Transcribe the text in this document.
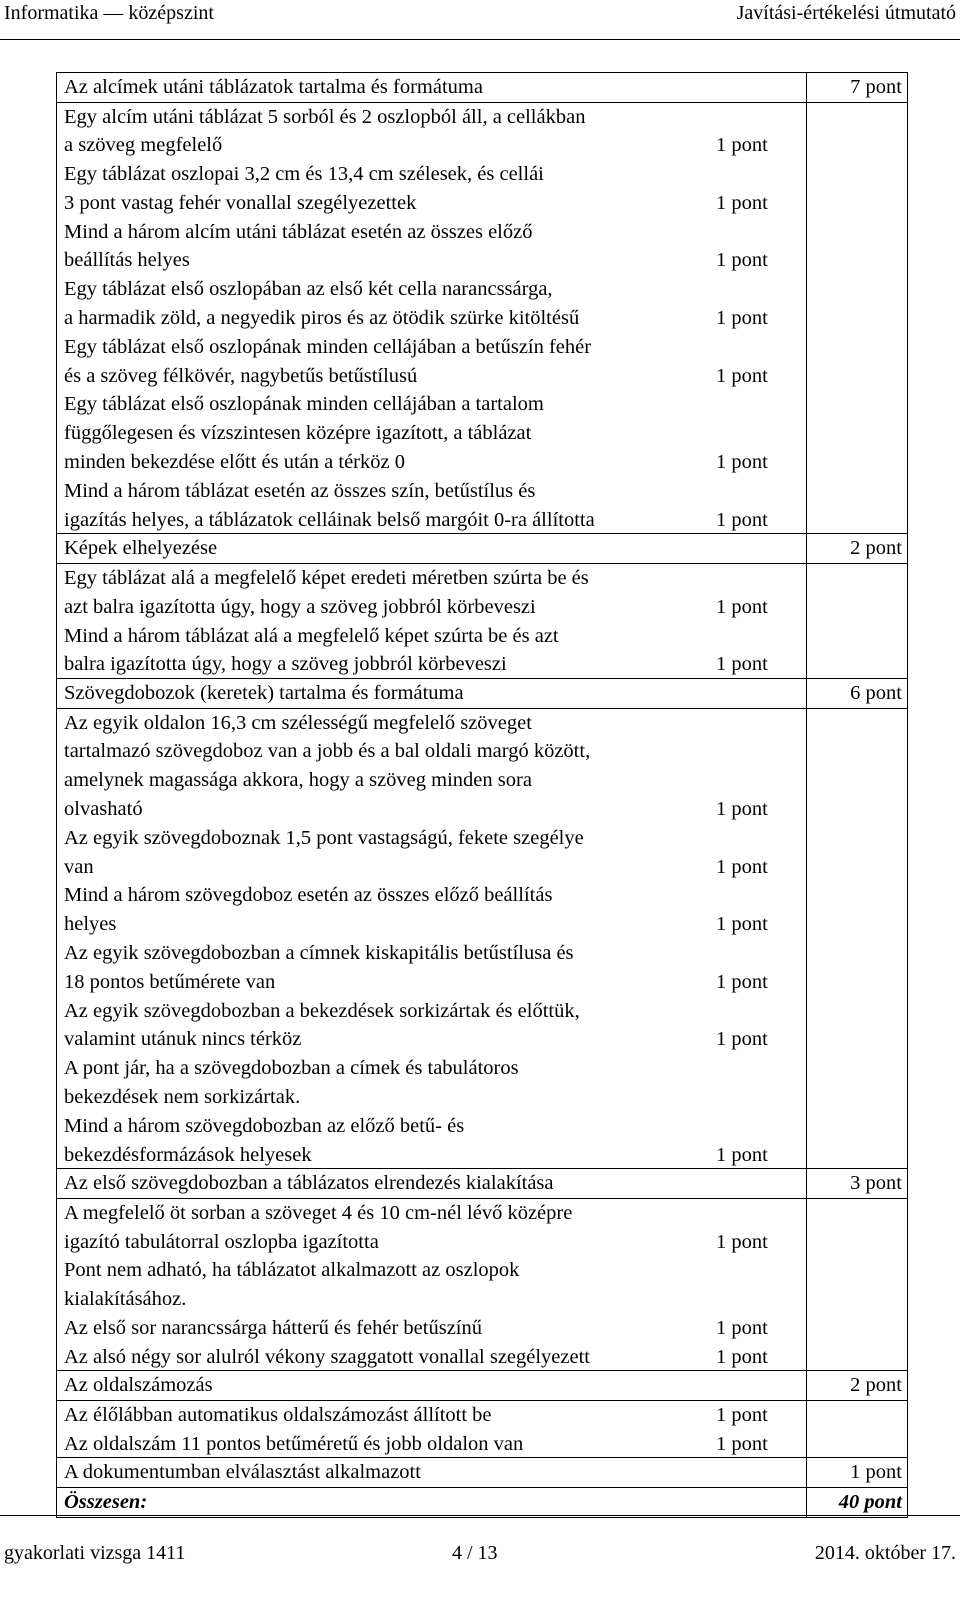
Informatika — középszint	Javítási-értékelési útmutató
Az alcímek utáni táblázatok tartalma és formátuma	7 pont
Egy alcím utáni táblázat 5 sorból és 2 oszlopból áll, a cellákban
a szöveg megfelelő	1 pont
Egy táblázat oszlopai 3,2 cm és 13,4 cm szélesek, és cellái
3 pont vastag fehér vonallal szegélyezettek	1 pont
Mind a három alcím utáni táblázat esetén az összes előző
beállítás helyes	1 pont
Egy táblázat első oszlopában az első két cella narancssárga,
a harmadik zöld, a negyedik piros és az ötödik szürke kitöltésű	1 pont
Egy táblázat első oszlopának minden cellájában a betűszín fehér
és a szöveg félkövér, nagybetűs betűstílusú	1 pont
Egy táblázat első oszlopának minden cellájában a tartalom
függőlegesen és vízszintesen középre igazított, a táblázat
minden bekezdése előtt és után a térköz 0	1 pont
Mind a három táblázat esetén az összes szín, betűstílus és
igazítás helyes, a táblázatok celláinak belső margóit 0-ra állította	1 pont
Képek elhelyezése	2 pont
Egy táblázat alá a megfelelő képet eredeti méretben szúrta be és
azt balra igazította úgy, hogy a szöveg jobbról körbeveszi	1 pont
Mind a három táblázat alá a megfelelő képet szúrta be és azt
balra igazította úgy, hogy a szöveg jobbról körbeveszi	1 pont
Szövegdobozok (keretek) tartalma és formátuma	6 pont
Az egyik oldalon 16,3 cm szélességű megfelelő szöveget
tartalmazó szövegdoboz van a jobb és a bal oldali margó között,
amelynek magassága akkora, hogy a szöveg minden sora
olvasható	1 pont
Az egyik szövegdoboznak 1,5 pont vastagságú, fekete szegélye
van	1 pont
Mind a három szövegdoboz esetén az összes előző beállítás
helyes	1 pont
Az egyik szövegdobozban a címnek kiskapitális betűstílusa és
18 pontos betűmérete van	1 pont
Az egyik szövegdobozban a bekezdések sorkizártak és előttük,
valamint utánuk nincs térköz	1 pont
A pont jár, ha a szövegdobozban a címek és tabulátoros
bekezdések nem sorkizártak.
Mind a három szövegdobozban az előző betű- és
bekezdésformázások helyesek	1 pont
Az első szövegdobozban a táblázatos elrendezés kialakítása	3 pont
A megfelelő öt sorban a szöveget 4 és 10 cm-nél lévő középre
igazító tabulátorral oszlopba igazította	1 pont
Pont nem adható, ha táblázatot alkalmazott az oszlopok
kialakításához.
Az első sor narancssárga hátterű és fehér betűszínű	1 pont
Az alsó négy sor alulról vékony szaggatott vonallal szegélyezett	1 pont
Az oldalszámozás	2 pont
Az élőlábban automatikus oldalszámozást állított be	1 pont
Az oldalszám 11 pontos betűméretű és jobb oldalon van	1 pont
A dokumentumban elválasztást alkalmazott	1 pont
Összesen:	40 pont
gyakorlati vizsga 1411	4 / 13	2014. október 17.
